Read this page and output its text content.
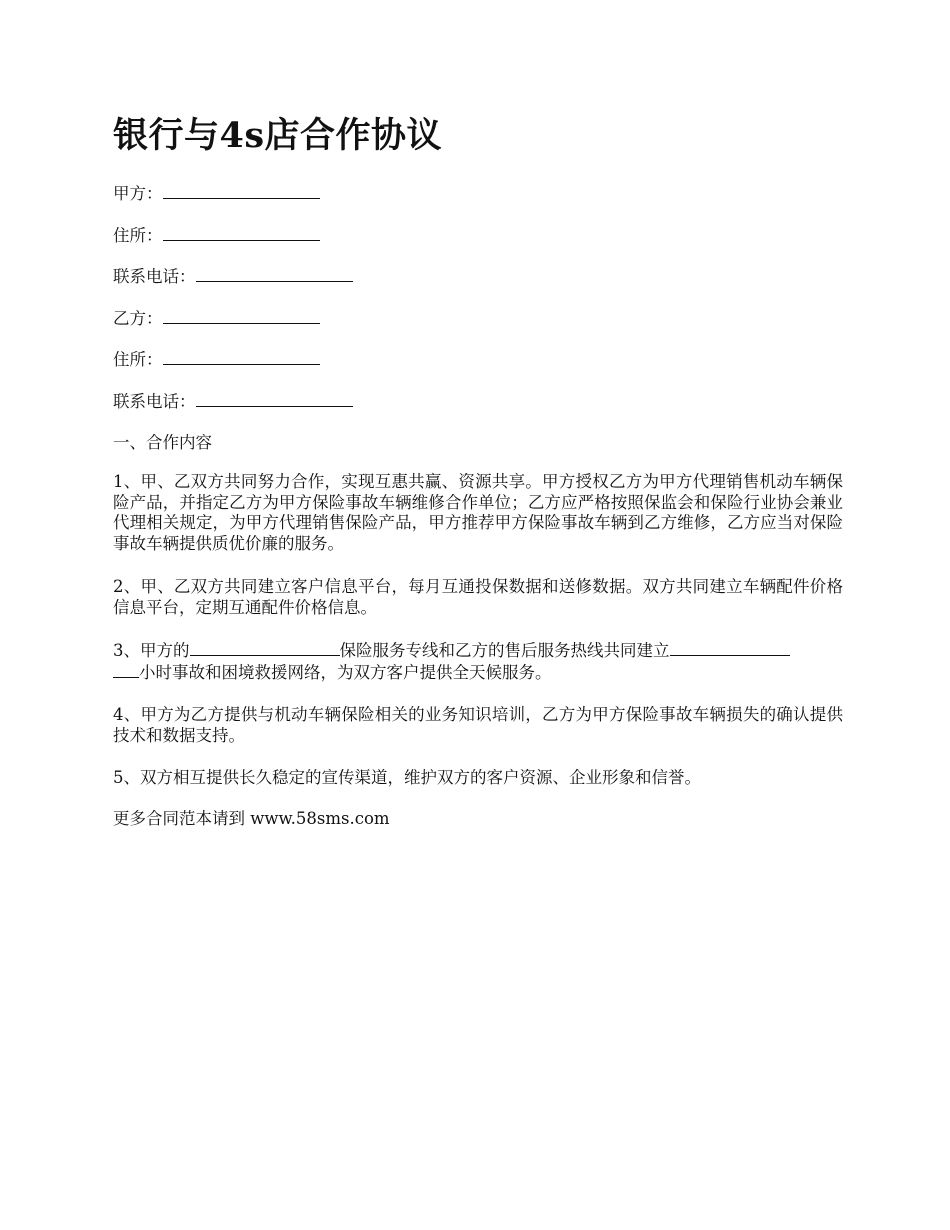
银行与4s店合作协议

甲方：

住所：

联系电话：

乙方：

住所：

联系电话：

一、合作内容

1、甲、乙双方共同努力合作，实现互惠共赢、资源共享。甲方授权乙方为甲方代理销售机动车辆保险产品，并指定乙方为甲方保险事故车辆维修合作单位；乙方应严格按照保监会和保险行业协会兼业代理相关规定，为甲方代理销售保险产品，甲方推荐甲方保险事故车辆到乙方维修，乙方应当对保险事故车辆提供质优价廉的服务。

2、甲、乙双方共同建立客户信息平台，每月互通投保数据和送修数据。双方共同建立车辆配件价格信息平台，定期互通配件价格信息。

3、甲方的	保险服务专线和乙方的售后服务热线共同建立
小时事故和困境救援网络，为双方客户提供全天候服务。

4、甲方为乙方提供与机动车辆保险相关的业务知识培训，乙方为甲方保险事故车辆损失的确认提供技术和数据支持。

5、双方相互提供长久稳定的宣传渠道，维护双方的客户资源、企业形象和信誉。

更多合同范本请到 www.58sms.com
